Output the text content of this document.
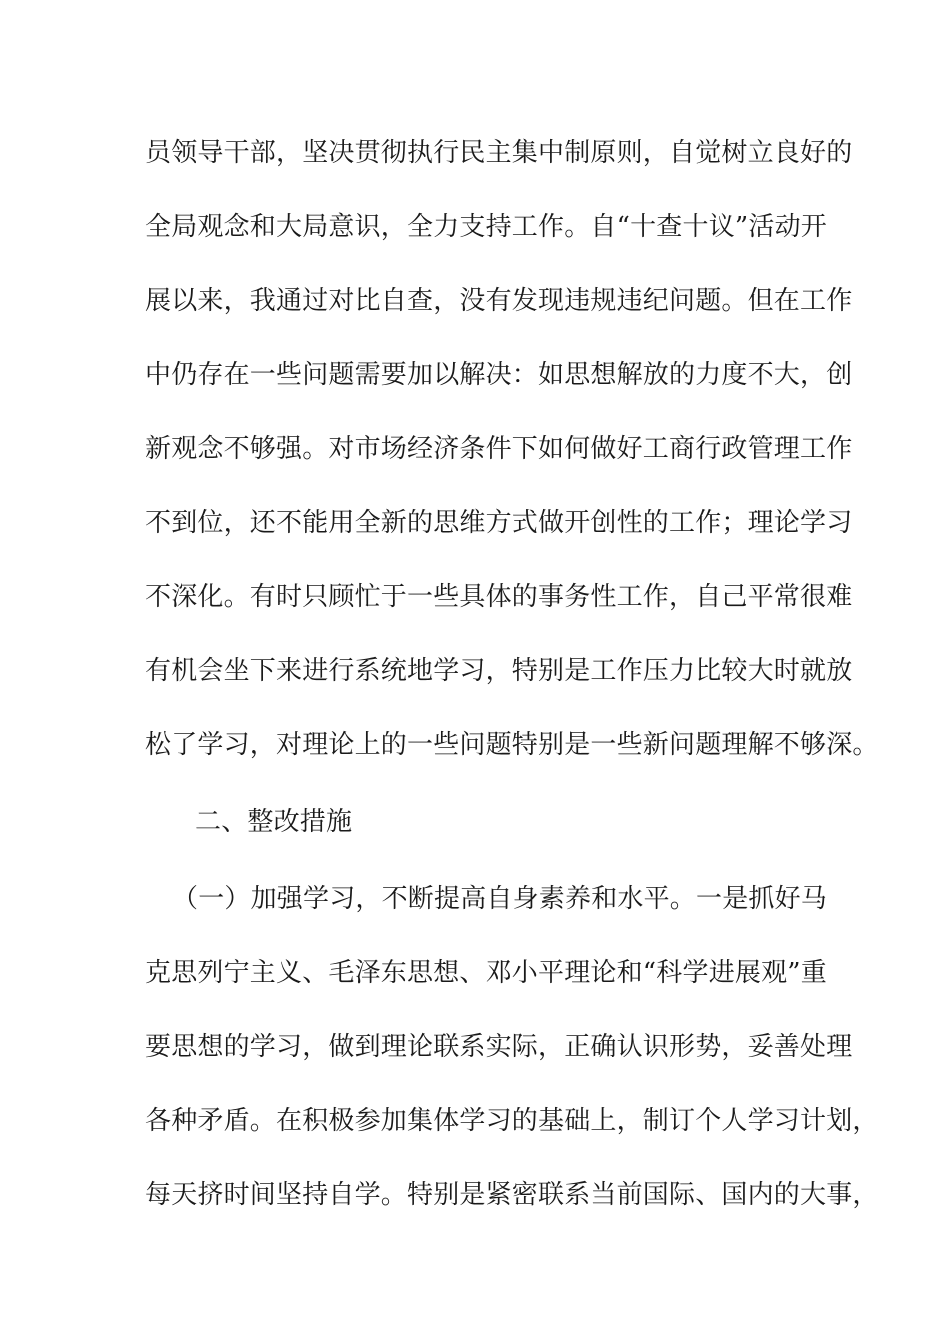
员领导干部，坚决贯彻执行民主集中制原则，自觉树立良好的
全局观念和大局意识，全力支持工作。自“十查十议”活动开
展以来，我通过对比自查，没有发现违规违纪问题。但在工作
中仍存在一些问题需要加以解决：如思想解放的力度不大，创
新观念不够强。对市场经济条件下如何做好工商行政管理工作
不到位，还不能用全新的思维方式做开创性的工作；理论学习
不深化。有时只顾忙于一些具体的事务性工作，自己平常很难
有机会坐下来进行系统地学习，特别是工作压力比较大时就放
松了学习，对理论上的一些问题特别是一些新问题理解不够深。
二、整改措施
（一）加强学习，不断提高自身素养和水平。一是抓好马
克思列宁主义、毛泽东思想、邓小平理论和“科学进展观”重
要思想的学习，做到理论联系实际，正确认识形势，妥善处理
各种矛盾。在积极参加集体学习的基础上，制订个人学习计划，
每天挤时间坚持自学。特别是紧密联系当前国际、国内的大事，
